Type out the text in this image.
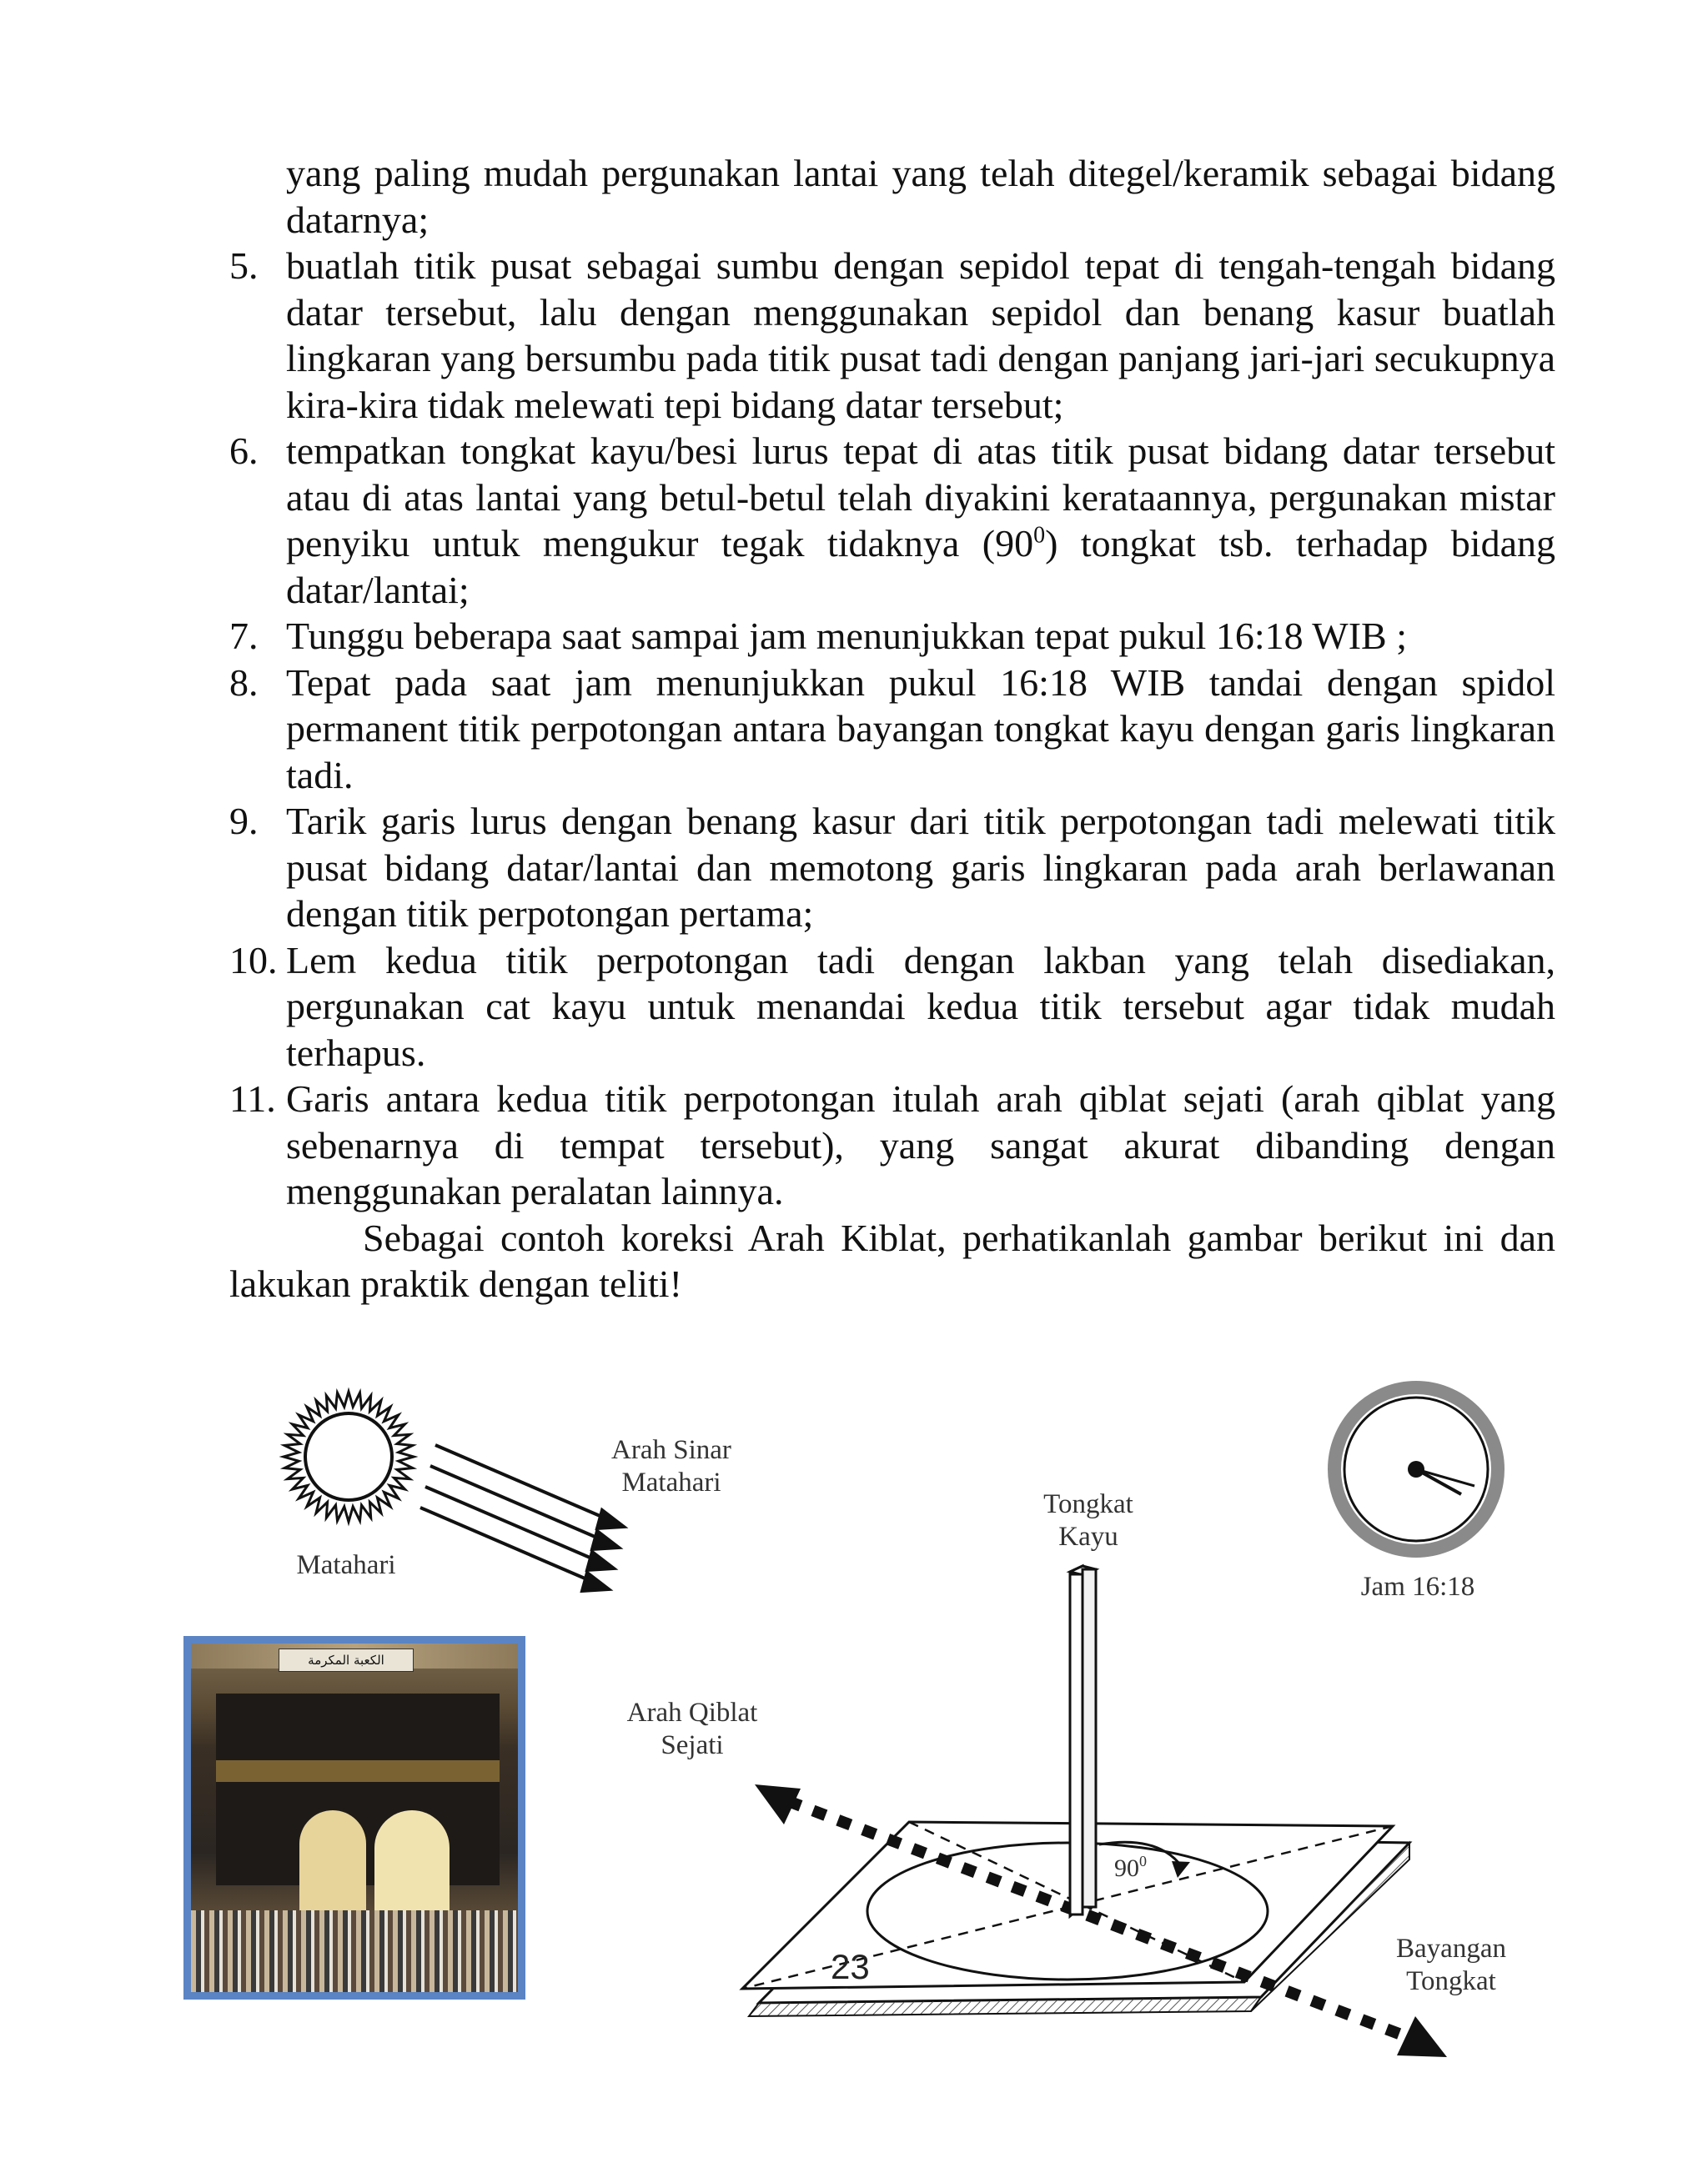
yang paling mudah pergunakan lantai yang telah ditegel/keramik sebagai bidang datarnya;
5. buatlah titik pusat sebagai sumbu dengan sepidol tepat di tengah-tengah bidang datar tersebut, lalu dengan menggunakan sepidol dan benang kasur buatlah lingkaran yang bersumbu pada titik pusat tadi dengan panjang jari-jari secukupnya kira-kira tidak melewati tepi bidang datar tersebut;
6. tempatkan tongkat kayu/besi lurus tepat di atas titik pusat bidang datar tersebut atau di atas lantai yang betul-betul telah diyakini kerataannya, pergunakan mistar penyiku untuk mengukur tegak tidaknya $(90^0)$ tongkat tsb. terhadap bidang datar/lantai;
7. Tunggu beberapa saat sampai jam menunjukkan tepat pukul 16:18 WIB ;
8. Tepat pada saat jam menunjukkan pukul 16:18 WIB tandai dengan spidol permanent titik perpotongan antara bayangan tongkat kayu dengan garis lingkaran tadi.
9. Tarik garis lurus dengan benang kasur dari titik perpotongan tadi melewati titik pusat bidang datar/lantai dan memotong garis lingkaran pada arah berlawanan dengan titik perpotongan pertama;
10. Lem kedua titik perpotongan tadi dengan lakban yang telah disediakan, pergunakan cat kayu untuk menandai kedua titik tersebut agar tidak mudah terhapus.
11. Garis antara kedua titik perpotongan itulah arah qiblat sejati (arah qiblat yang sebenarnya di tempat tersebut), yang sangat akurat dibanding dengan menggunakan peralatan lainnya.
Sebagai contoh koreksi Arah Kiblat, perhatikanlah gambar berikut ini dan lakukan praktik dengan teliti!
$90^0$
Matahari
Arah Sinar
Matahari
Tongkat
Kayu
Jam 16:18
Arah Qiblat
Sejati
Bayangan
Tongkat
الكعبة المكرمة
23
